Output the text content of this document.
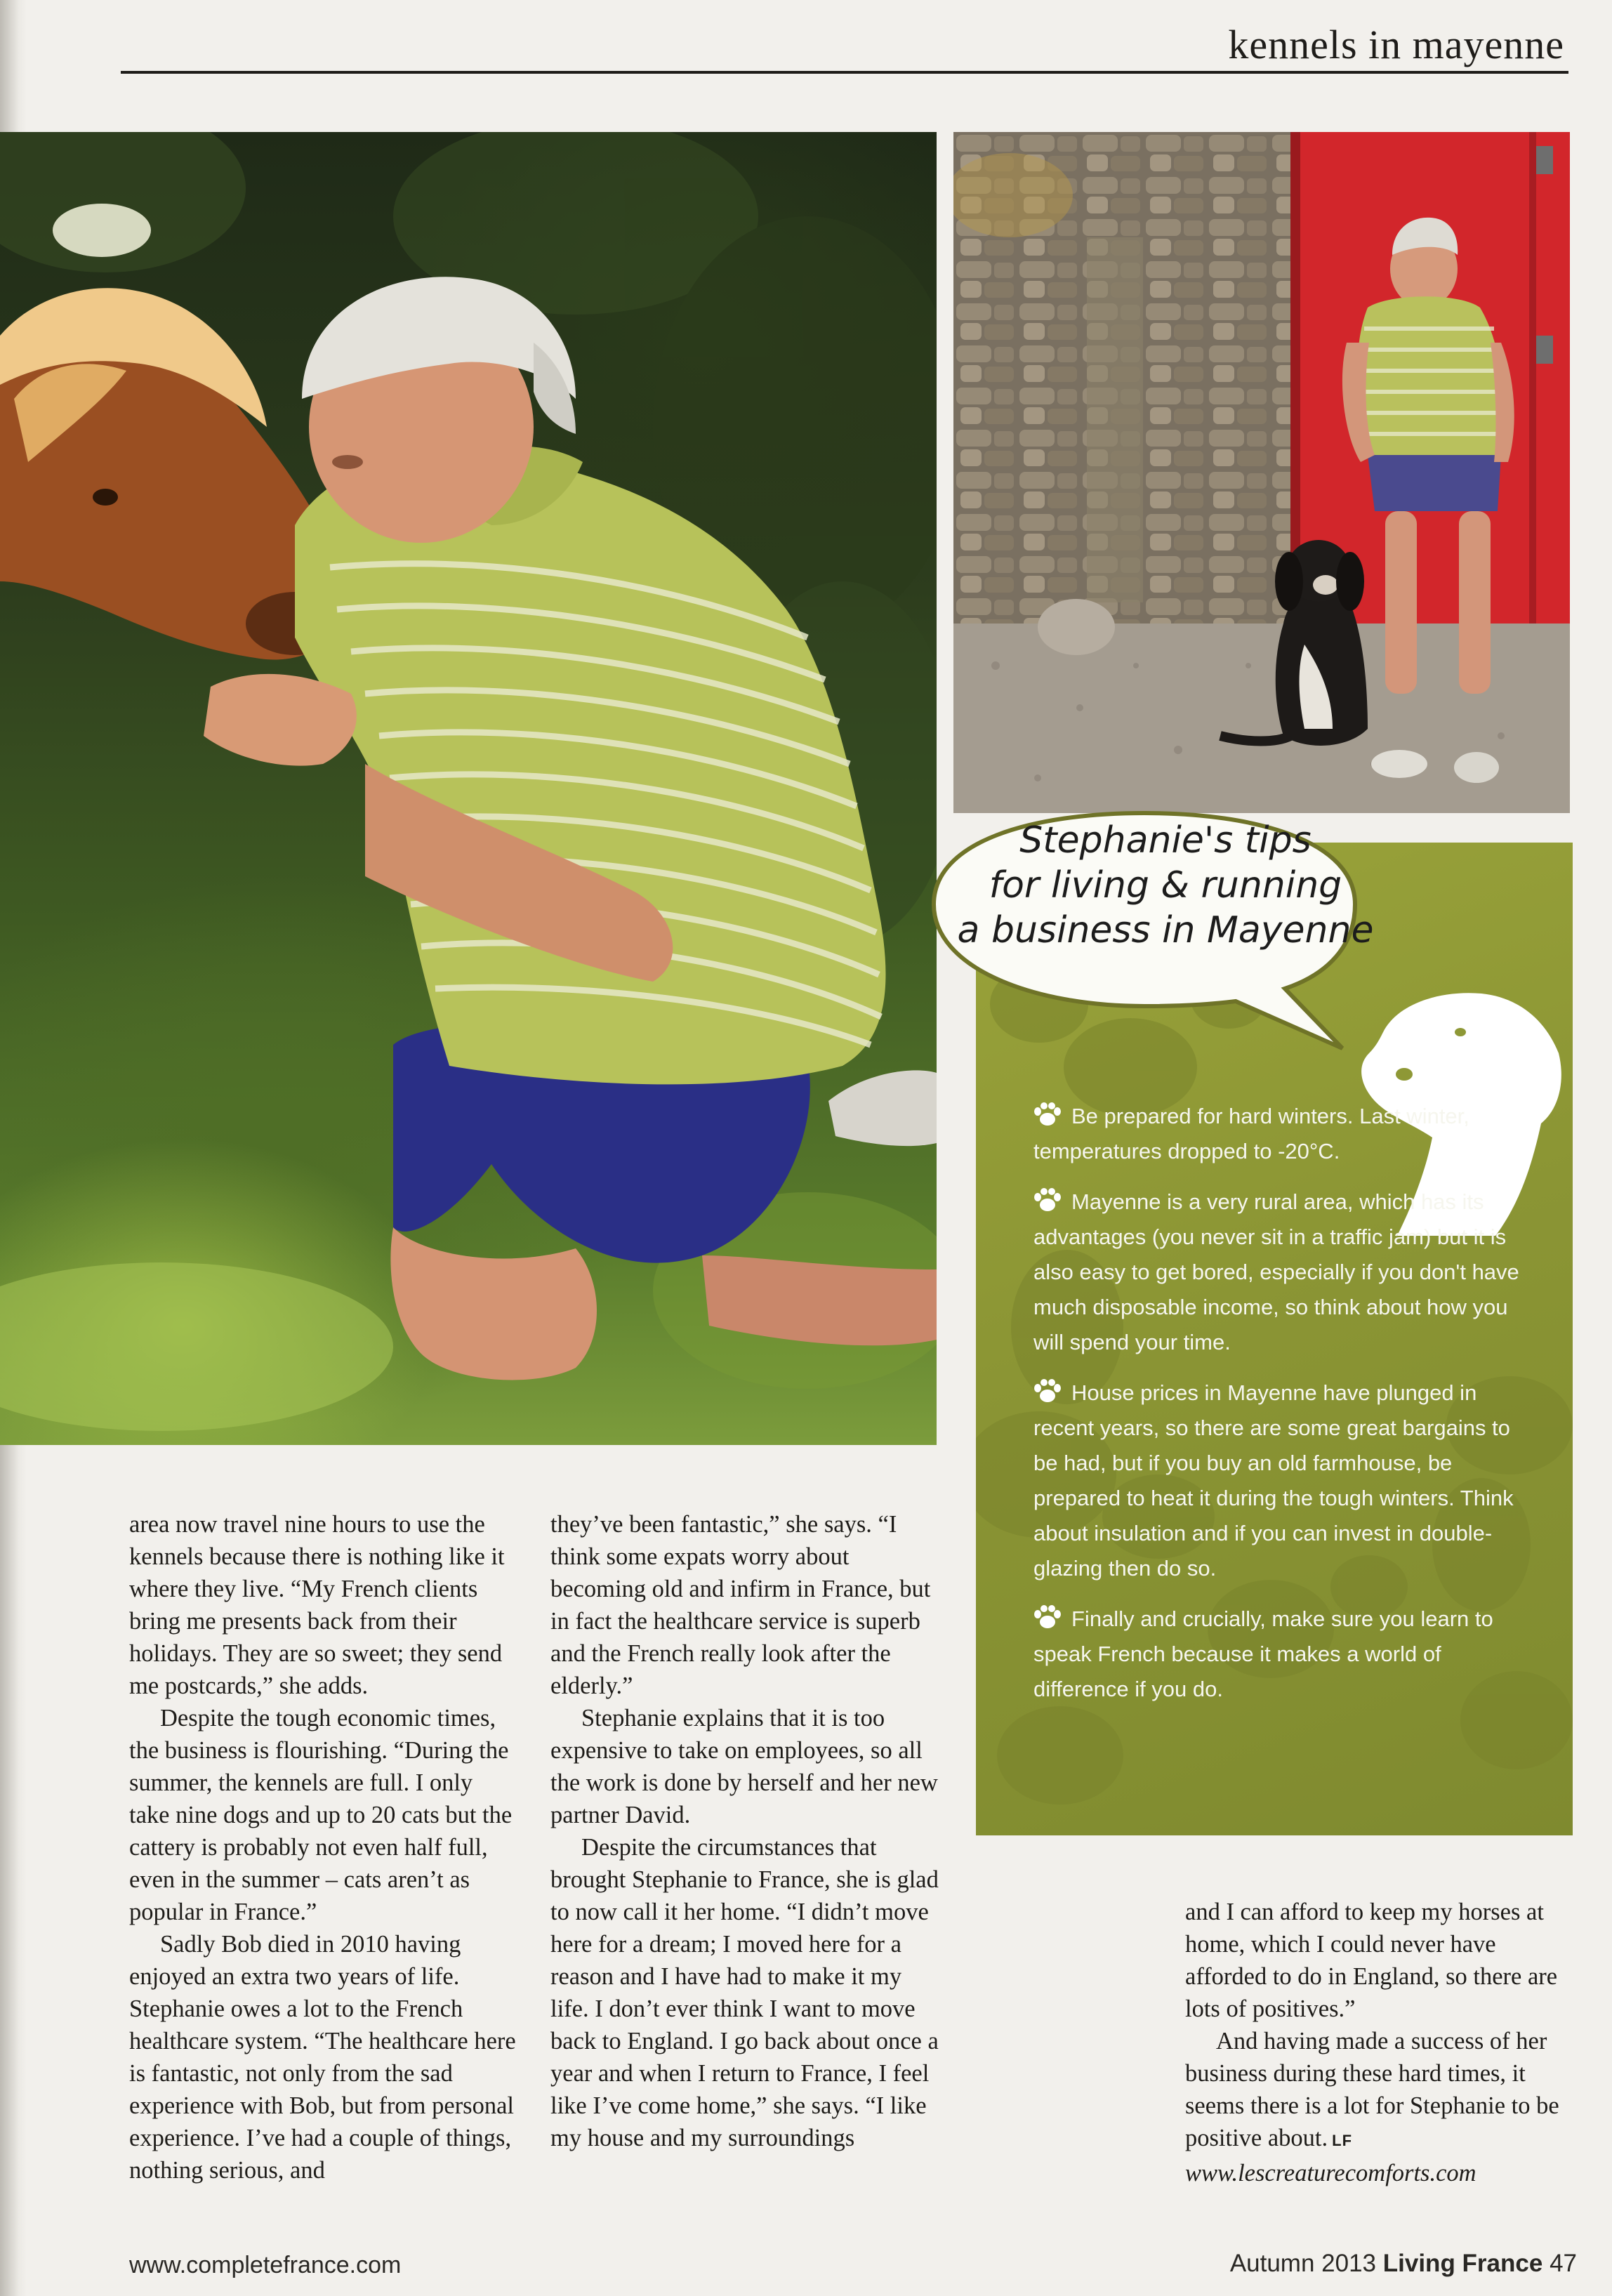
kennels in mayenne
Stephanie's tips
for living & running
a business in Mayenne

Be prepared for hard winters. Last winter, temperatures dropped to -20°C.

Mayenne is a very rural area, which has its advantages (you never sit in a traffic jam) but it is also easy to get bored, especially if you don't have much disposable income, so think about how you will spend your time.

House prices in Mayenne have plunged in recent years, so there are some great bargains to be had, but if you buy an old farmhouse, be prepared to heat it during the tough winters. Think about insulation and if you can invest in double-glazing then do so.

Finally and crucially, make sure you learn to speak French because it makes a world of difference if you do.

area now travel nine hours to use the kennels because there is nothing like it where they live. “My French clients bring me presents back from their holidays. They are so sweet; they send me postcards,” she adds.

Despite the tough economic times, the business is flourishing. “During the summer, the kennels are full. I only take nine dogs and up to 20 cats but the cattery is probably not even half full, even in the summer – cats aren’t as popular in France.”

Sadly Bob died in 2010 having enjoyed an extra two years of life. Stephanie owes a lot to the French healthcare system. “The healthcare here is fantastic, not only from the sad experience with Bob, but from personal experience. I’ve had a couple of things, nothing serious, and

they’ve been fantastic,” she says. “I think some expats worry about becoming old and infirm in France, but in fact the healthcare service is superb and the French really look after the elderly.”

Stephanie explains that it is too expensive to take on employees, so all the work is done by herself and her new partner David.

Despite the circumstances that brought Stephanie to France, she is glad to now call it her home. “I didn’t move here for a dream; I moved here for a reason and I have had to make it my life. I don’t ever think I want to move back to England. I go back about once a year and when I return to France, I feel like I’ve come home,” she says. “I like my house and my surroundings

and I can afford to keep my horses at home, which I could never have afforded to do in England, so there are lots of positives.”

And having made a success of her business during these hard times, it seems there is a lot for Stephanie to be positive about. LF

www.lescreaturecomforts.com
www.completefrance.com	Autumn 2013 Living France 47
